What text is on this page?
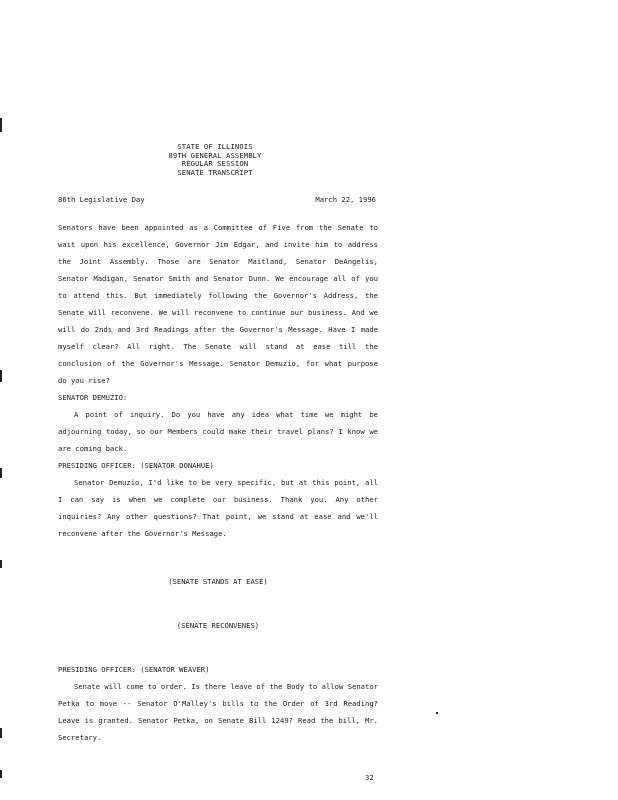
STATE OF ILLINOIS
89TH GENERAL ASSEMBLY
REGULAR SESSION
SENATE TRANSCRIPT
86th Legislative Day	March 22, 1996

Senators have been appointed as a Committee of Five from the Senate to wait upon his excellence, Governor Jim Edgar, and invite him to address the Joint Assembly. Those are Senator Maitland, Senator DeAngelis, Senator Madigan, Senator Smith and Senator Dunn. We encourage all of you to attend this. But immediately following the Governor's Address, the Senate will reconvene. We will reconvene to continue our business. And we will do 2nds and 3rd Readings after the Governor's Message. Have I made myself clear? All right. The Senate will stand at ease till the conclusion of the Governor's Message. Senator Demuzio, for what purpose do you rise?

SENATOR DEMUZIO:

A point of inquiry. Do you have any idea what time we might be adjourning today, so our Members could make their travel plans? I know we are coming back.

PRESIDING OFFICER: (SENATOR DONAHUE)

Senator Demuzio, I'd like to be very specific, but at this point, all I can say is when we complete our business. Thank you. Any other inquiries? Any other questions? That point, we stand at ease and we'll reconvene after the Governor's Message.

(SENATE STANDS AT EASE)
(SENATE RECONVENES)

PRESIDING OFFICER: (SENATOR WEAVER)

Senate will come to order. Is there leave of the Body to allow Senator Petka to move -- Senator O'Malley's bills to the Order of 3rd Reading? Leave is granted. Senator Petka, on Senate Bill 1249? Read the bill, Mr. Secretary.

32
